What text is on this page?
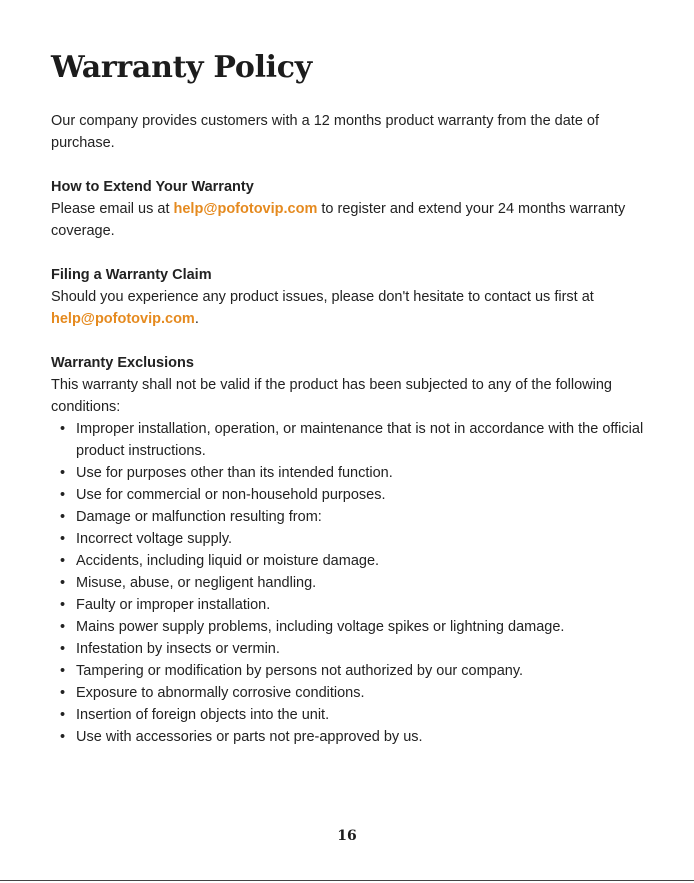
Warranty Policy

Our company provides customers with a 12 months product warranty from the date of purchase.

How to Extend Your Warranty

Please email us at help@pofotovip.com to register and extend your 24 months warranty coverage.

Filing a Warranty Claim

Should you experience any product issues, please don't hesitate to contact us first at help@pofotovip.com.

Warranty Exclusions

This warranty shall not be valid if the product has been subjected to any of the following conditions:

• Improper installation, operation, or maintenance that is not in accordance with the official product instructions.
• Use for purposes other than its intended function.
• Use for commercial or non-household purposes.
• Damage or malfunction resulting from:
• Incorrect voltage supply.
• Accidents, including liquid or moisture damage.
• Misuse, abuse, or negligent handling.
• Faulty or improper installation.
• Mains power supply problems, including voltage spikes or lightning damage.
• Infestation by insects or vermin.
• Tampering or modification by persons not authorized by our company.
• Exposure to abnormally corrosive conditions.
• Insertion of foreign objects into the unit.
• Use with accessories or parts not pre-approved by us.
16
